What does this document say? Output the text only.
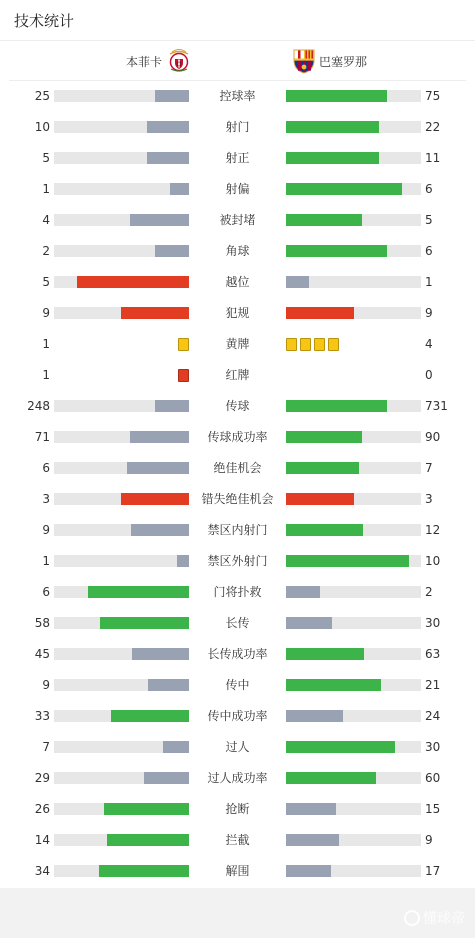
技术统计
本菲卡	巴塞罗那
25	控球率	75
10	射门	22
5	射正	11
1	射偏	6
4	被封堵	5
2	角球	6
5	越位	1
9	犯规	9
1	黄牌	4
1	红牌	0
248	传球	731
71	传球成功率	90
6	绝佳机会	7
3	错失绝佳机会	3
9	禁区内射门	12
1	禁区外射门	10
6	门将扑救	2
58	长传	30
45	长传成功率	63
9	传中	21
33	传中成功率	24
7	过人	30
29	过人成功率	60
26	抢断	15
14	拦截	9
34	解围	17
懂球帝
